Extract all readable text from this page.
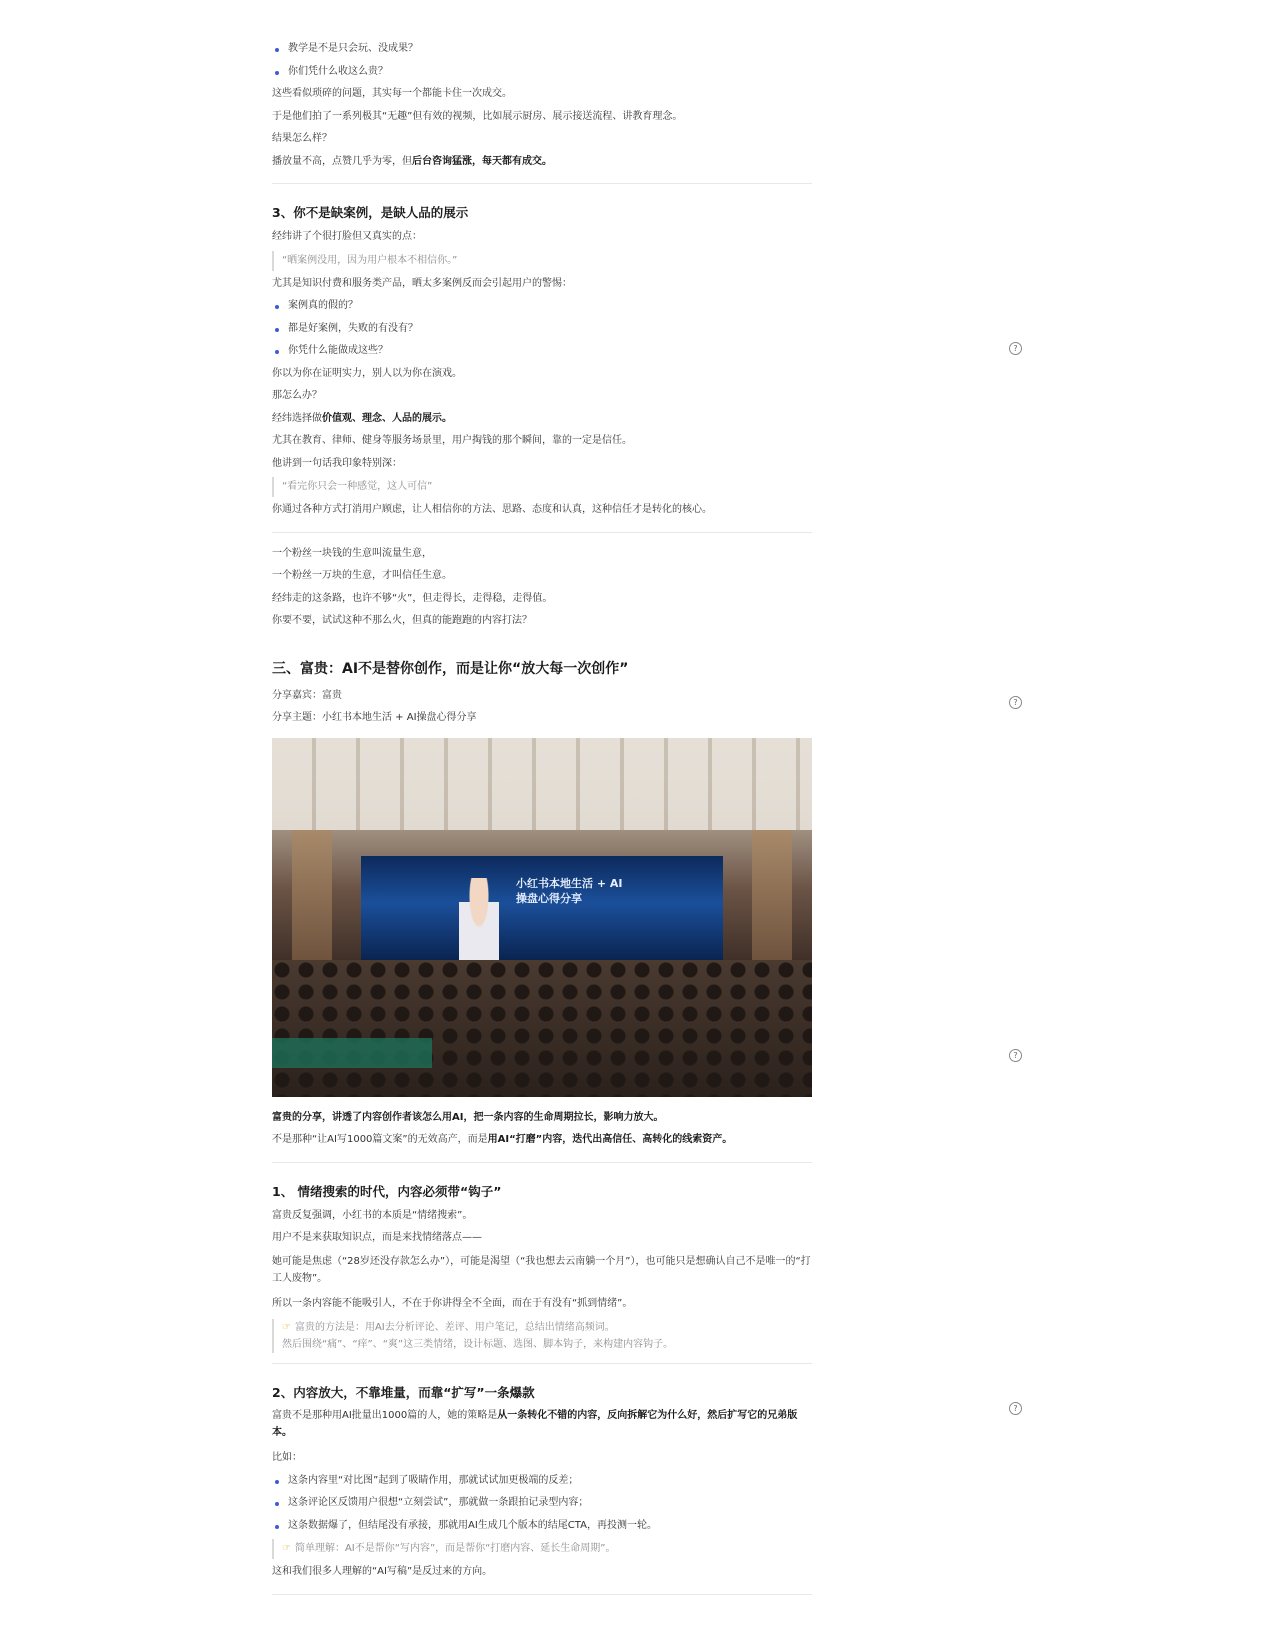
教学是不是只会玩、没成果？
你们凭什么收这么贵？

这些看似琐碎的问题，其实每一个都能卡住一次成交。

于是他们拍了一系列极其“无趣”但有效的视频，比如展示厨房、展示接送流程、讲教育理念。

结果怎么样？

播放量不高，点赞几乎为零，但后台咨询猛涨，每天都有成交。

3、你不是缺案例，是缺人品的展示

经纬讲了个很打脸但又真实的点：

“晒案例没用，因为用户根本不相信你。”

尤其是知识付费和服务类产品，晒太多案例反而会引起用户的警惕：

案例真的假的？
都是好案例，失败的有没有？
你凭什么能做成这些？

你以为你在证明实力，别人以为你在演戏。

那怎么办？

经纬选择做价值观、理念、人品的展示。

尤其在教育、律师、健身等服务场景里，用户掏钱的那个瞬间，靠的一定是信任。

他讲到一句话我印象特别深：

“看完你只会一种感觉，这人可信”

你通过各种方式打消用户顾虑，让人相信你的方法、思路、态度和认真，这种信任才是转化的核心。

一个粉丝一块钱的生意叫流量生意，

一个粉丝一万块的生意，才叫信任生意。

经纬走的这条路，也许不够“火”，但走得长，走得稳，走得值。

你要不要，试试这种不那么火，但真的能跑跑的内容打法？

三、富贵：AI不是替你创作，而是让你“放大每一次创作”

分享嘉宾：富贵

分享主题：小红书本地生活 + AI操盘心得分享

小红书本地生活 + AI
操盘心得分享

富贵的分享，讲透了内容创作者该怎么用AI，把一条内容的生命周期拉长，影响力放大。

不是那种“让AI写1000篇文案”的无效高产，而是用AI“打磨”内容，迭代出高信任、高转化的线索资产。

1、 情绪搜索的时代，内容必须带“钩子”

富贵反复强调，小红书的本质是“情绪搜索”。

用户不是来获取知识点，而是来找情绪落点——

她可能是焦虑（“28岁还没存款怎么办”），可能是渴望（“我也想去云南躺一个月”），也可能只是想确认自己不是唯一的“打工人废物”。

所以一条内容能不能吸引人，不在于你讲得全不全面，而在于有没有“抓到情绪”。

☞ 富贵的方法是：用AI去分析评论、差评、用户笔记，总结出情绪高频词。
然后围绕“痛”、“痒”、“爽”这三类情绪，设计标题、选图、脚本钩子，来构建内容钩子。
2、内容放大，不靠堆量，而靠“扩写”一条爆款

富贵不是那种用AI批量出1000篇的人，她的策略是从一条转化不错的内容，反向拆解它为什么好，然后扩写它的兄弟版本。

比如：

这条内容里“对比图”起到了吸睛作用，那就试试加更极端的反差；
这条评论区反馈用户很想“立刻尝试”，那就做一条跟拍记录型内容；
这条数据爆了，但结尾没有承接，那就用AI生成几个版本的结尾CTA，再投测一轮。
☞ 简单理解：AI不是帮你“写内容”，而是帮你“打磨内容、延长生命周期”。

这和我们很多人理解的“AI写稿”是反过来的方向。

?
?
?
?
